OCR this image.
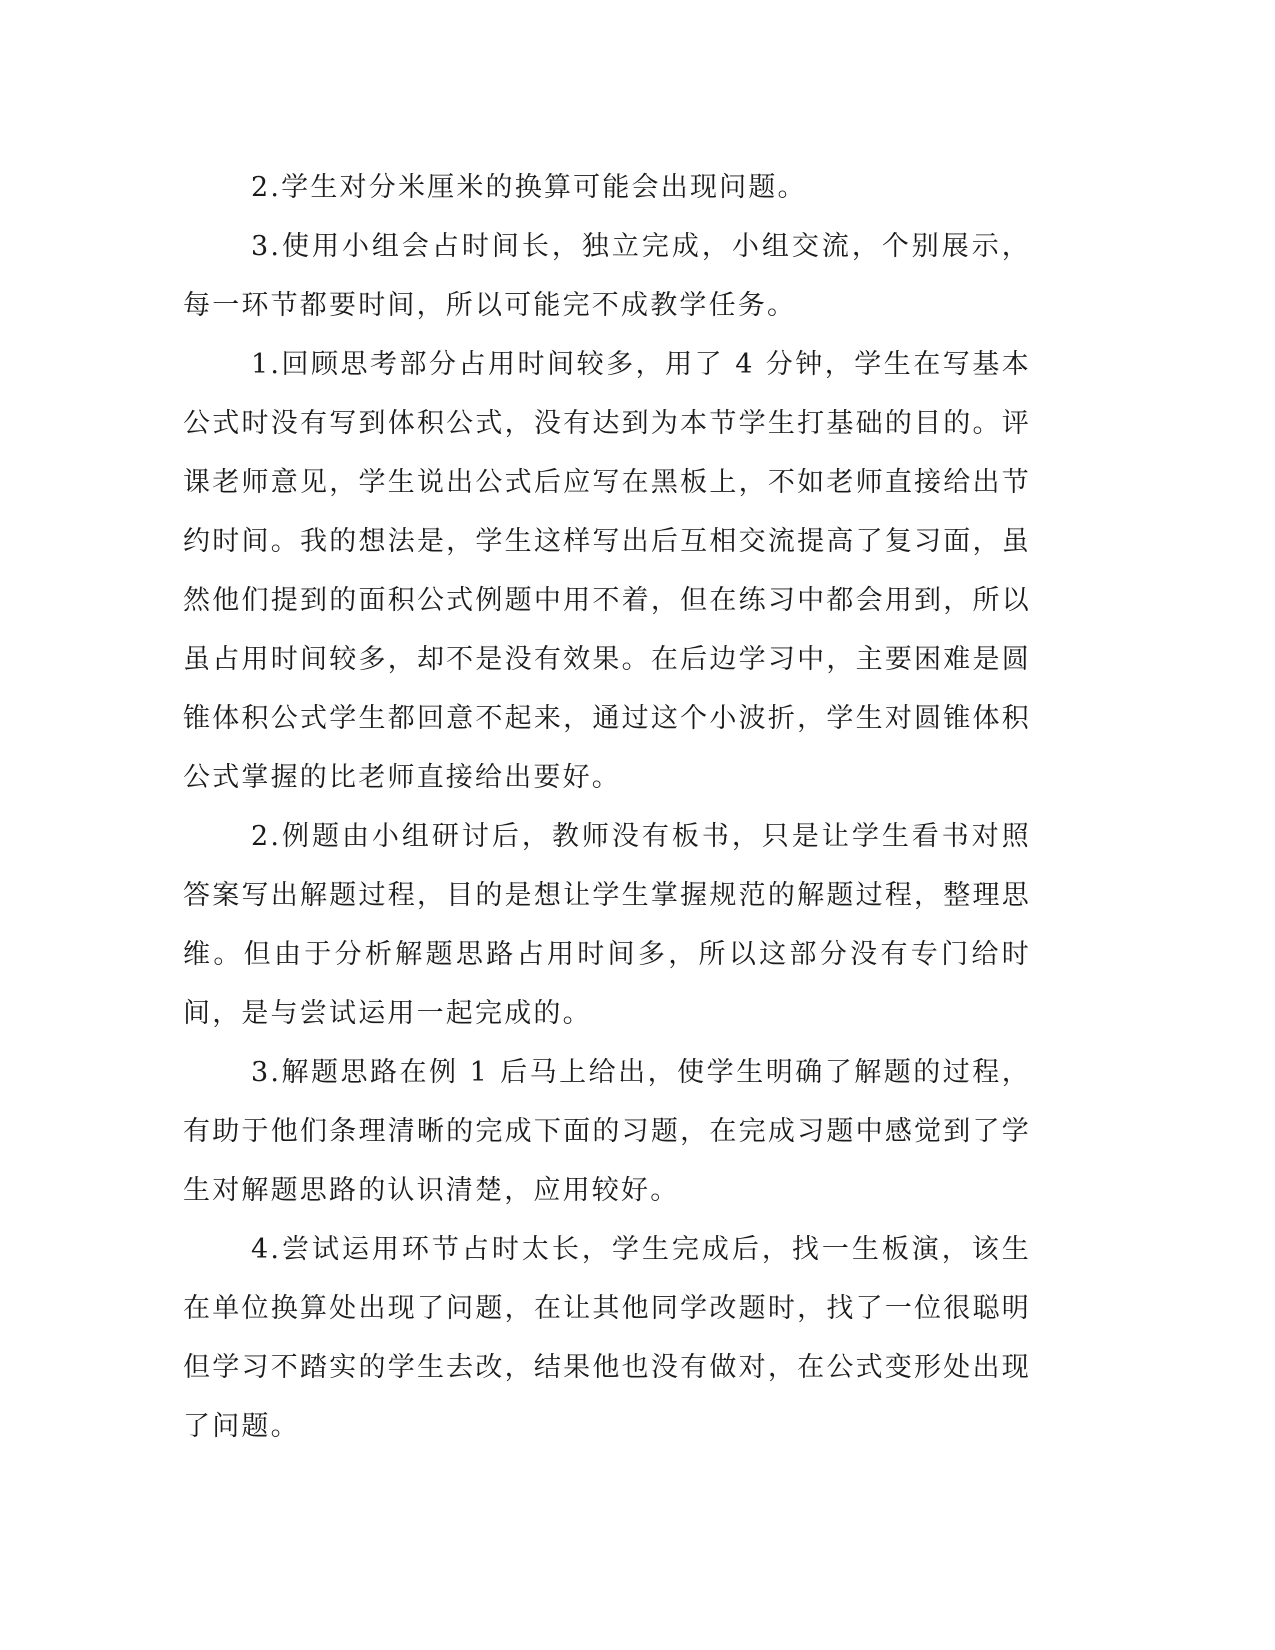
2.学生对分米厘米的换算可能会出现问题。

3.使用小组会占时间长，独立完成，小组交流，个别展示，每一环节都要时间，所以可能完不成教学任务。

1.回顾思考部分占用时间较多，用了 4 分钟，学生在写基本公式时没有写到体积公式，没有达到为本节学生打基础的目的。评课老师意见，学生说出公式后应写在黑板上，不如老师直接给出节约时间。我的想法是，学生这样写出后互相交流提高了复习面，虽然他们提到的面积公式例题中用不着，但在练习中都会用到，所以虽占用时间较多，却不是没有效果。在后边学习中，主要困难是圆锥体积公式学生都回意不起来，通过这个小波折，学生对圆锥体积公式掌握的比老师直接给出要好。

2.例题由小组研讨后，教师没有板书，只是让学生看书对照答案写出解题过程，目的是想让学生掌握规范的解题过程，整理思维。但由于分析解题思路占用时间多，所以这部分没有专门给时间，是与尝试运用一起完成的。

3.解题思路在例 1 后马上给出，使学生明确了解题的过程，有助于他们条理清晰的完成下面的习题，在完成习题中感觉到了学生对解题思路的认识清楚，应用较好。

4.尝试运用环节占时太长，学生完成后，找一生板演，该生在单位换算处出现了问题，在让其他同学改题时，找了一位很聪明但学习不踏实的学生去改，结果他也没有做对，在公式变形处出现了问题。
